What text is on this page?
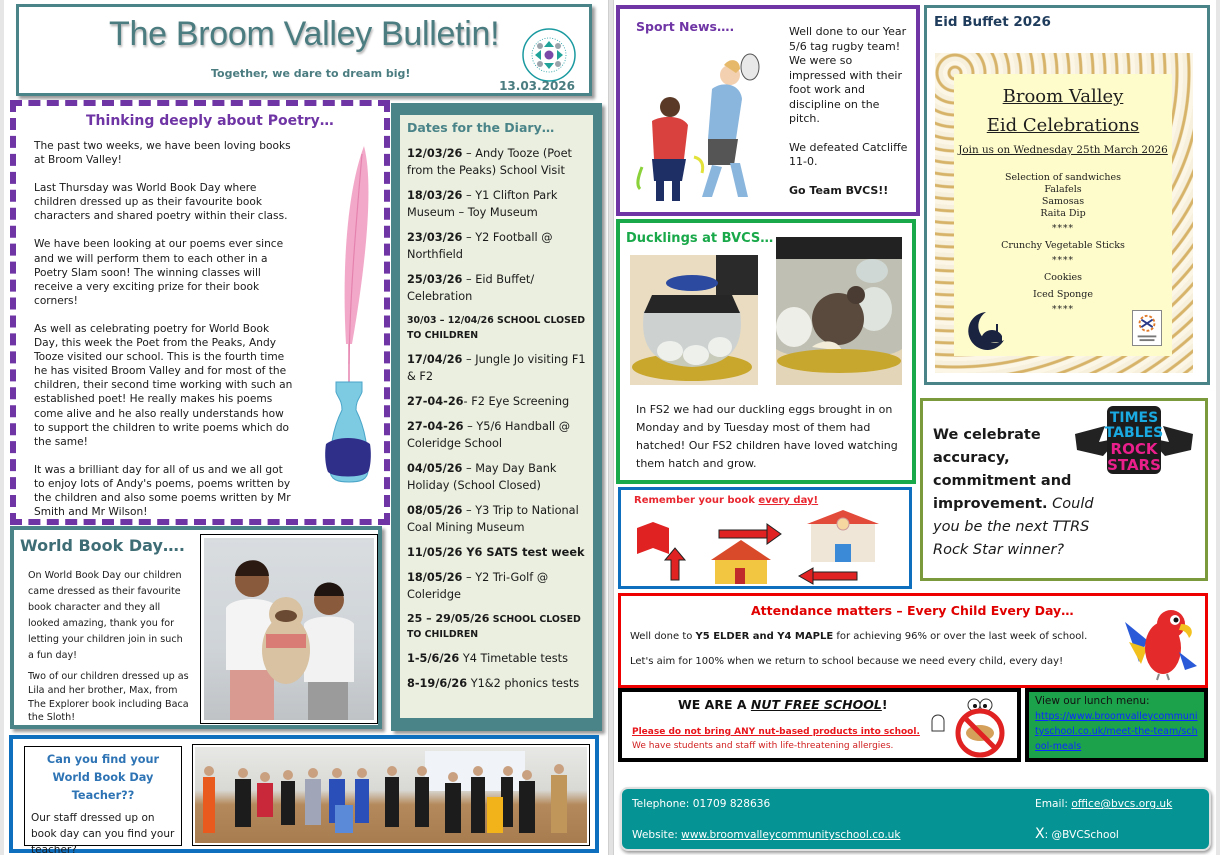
The Broom Valley Bulletin!
Together, we dare to dream big!
13.03.2026
Thinking deeply about Poetry…

The past two weeks, we have been loving books at Broom Valley!

Last Thursday was World Book Day where children dressed up as their favourite book characters and shared poetry within their class.

We have been looking at our poems ever since and we will perform them to each other in a Poetry Slam soon! The winning classes will receive a very exciting prize for their book corners!

As well as celebrating poetry for World Book Day, this week the Poet from the Peaks, Andy Tooze visited our school. This is the fourth time he has visited Broom Valley and for most of the children, their second time working with such an established poet! He really makes his poems come alive and he also really understands how to support the children to write poems which do the same!

It was a brilliant day for all of us and we all got to enjoy lots of Andy's poems, poems written by the children and also some poems written by Mr Smith and Mr Wilson!

Dates for the Diary…
12/03/26 – Andy Tooze (Poet from the Peaks) School Visit
18/03/26 – Y1 Clifton Park Museum – Toy Museum
23/03/26 – Y2 Football @ Northfield
25/03/26 – Eid Buffet/ Celebration
30/03 – 12/04/26 SCHOOL CLOSED TO CHILDREN
17/04/26 – Jungle Jo visiting F1 & F2
27-04-26- F2 Eye Screening
27-04-26 – Y5/6 Handball @ Coleridge School
04/05/26 – May Day Bank Holiday (School Closed)
08/05/26 – Y3 Trip to National Coal Mining Museum
11/05/26 Y6 SATS test week
18/05/26 – Y2 Tri-Golf @ Coleridge
25 – 29/05/26 SCHOOL CLOSED TO CHILDREN
1-5/6/26 Y4 Timetable tests
8-19/6/26 Y1&2 phonics tests
World Book Day….

On World Book Day our children came dressed as their favourite book character and they all looked amazing, thank you for letting your children join in such a fun day!

Two of our children dressed up as Lila and her brother, Max, from The Explorer book including Baca the Sloth!

Can you find your World Book Day Teacher??

Our staff dressed up on book day can you find your teacher?

Sport News….	Well done to our Year 5/6 tag rugby team! We were so impressed with their foot work and discipline on the pitch.

We defeated Catcliffe 11-0.

Go Team BVCS!!

Ducklings at BVCS…
In FS2 we had our duckling eggs brought in on Monday and by Tuesday most of them had hatched! Our FS2 children have loved watching them hatch and grow.
Eid Buffet 2026
Broom Valley
Eid Celebrations
Join us on Wednesday 25th March 2026
Selection of sandwiches
Falafels
Samosas
Raita Dip
****
Crunchy Vegetable Sticks
****
Cookies
Iced Sponge
****
TIMES
TABLES
ROCK
STARS
We celebrate accuracy, commitment and improvement. Could you be the next TTRS Rock Star winner?
Remember your book every day!
Attendance matters – Every Child Every Day…

Well done to Y5 ELDER and Y4 MAPLE for achieving 96% or over the last week of school.

Let's aim for 100% when we return to school because we need every child, every day!

WE ARE A NUT FREE SCHOOL!

Please do not bring ANY nut-based products into school. We have students and staff with life-threatening allergies.

View our lunch menu:
https://www.broomvalleycommunityschool.co.uk/meet-the-team/school-meals
Telephone: 01709 828636
Website: www.broomvalleycommunityschool.co.uk
Email: office@bvcs.org.uk
X: @BVCSchool
